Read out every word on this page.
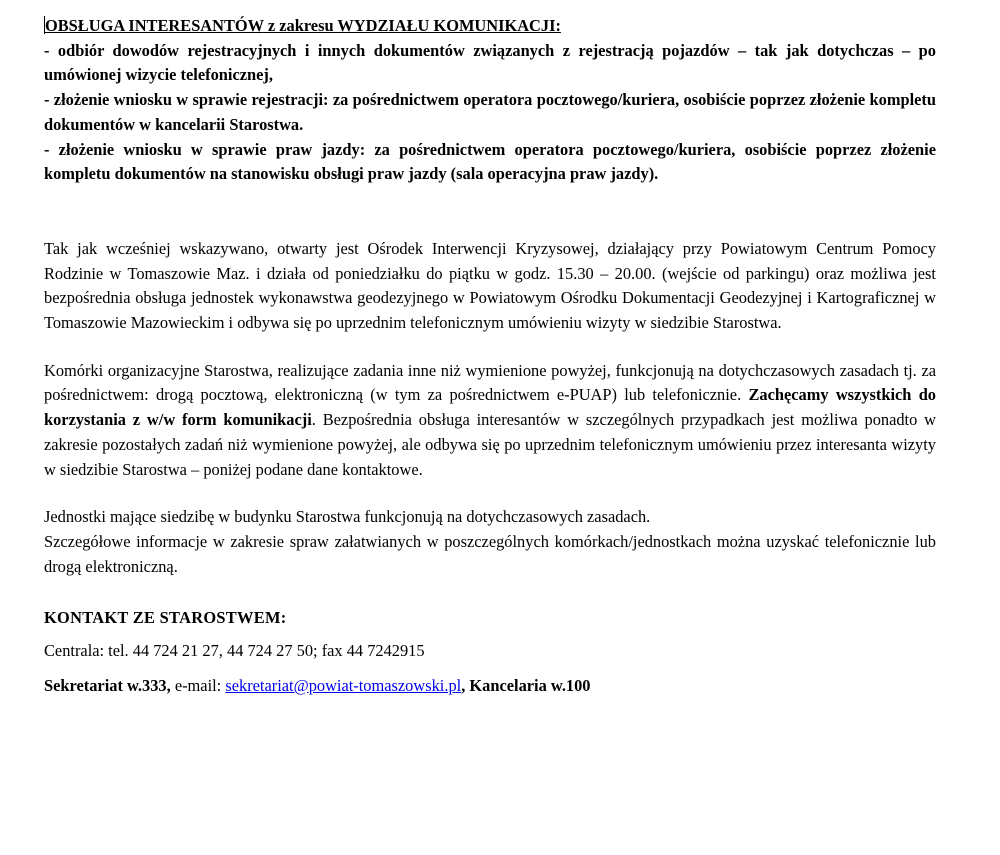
OBSŁUGA INTERESANTÓW z zakresu WYDZIAŁU KOMUNIKACJI:

- odbiór dowodów rejestracyjnych i innych dokumentów związanych z rejestracją pojazdów – tak jak dotychczas – po umówionej wizycie telefonicznej,

- złożenie wniosku w sprawie rejestracji: za pośrednictwem operatora pocztowego/kuriera, osobiście poprzez złożenie kompletu dokumentów w kancelarii Starostwa.

- złożenie wniosku w sprawie praw jazdy: za pośrednictwem operatora pocztowego/kuriera, osobiście poprzez złożenie kompletu dokumentów na stanowisku obsługi praw jazdy (sala operacyjna praw jazdy).

Tak jak wcześniej wskazywano, otwarty jest Ośrodek Interwencji Kryzysowej, działający przy Powiatowym Centrum Pomocy Rodzinie w Tomaszowie Maz. i działa od poniedziałku do piątku w godz. 15.30 – 20.00. (wejście od parkingu) oraz możliwa jest bezpośrednia obsługa jednostek wykonawstwa geodezyjnego w Powiatowym Ośrodku Dokumentacji Geodezyjnej i Kartograficznej w Tomaszowie Mazowieckim i odbywa się po uprzednim telefonicznym umówieniu wizyty w siedzibie Starostwa.

Komórki organizacyjne Starostwa, realizujące zadania inne niż wymienione powyżej, funkcjonują na dotychczasowych zasadach tj. za pośrednictwem: drogą pocztową, elektroniczną (w tym za pośrednictwem e-PUAP) lub telefonicznie. Zachęcamy wszystkich do korzystania z w/w form komunikacji. Bezpośrednia obsługa interesantów w szczególnych przypadkach jest możliwa ponadto w zakresie pozostałych zadań niż wymienione powyżej, ale odbywa się po uprzednim telefonicznym umówieniu przez interesanta wizyty w siedzibie Starostwa – poniżej podane dane kontaktowe.

Jednostki mające siedzibę w budynku Starostwa funkcjonują na dotychczasowych zasadach.

Szczegółowe informacje w zakresie spraw załatwianych w poszczególnych komórkach/jednostkach można uzyskać telefonicznie lub drogą elektroniczną.

KONTAKT ZE STAROSTWEM:

Centrala: tel. 44 724 21 27, 44 724 27 50; fax 44 7242915

Sekretariat w.333, e-mail: sekretariat@powiat-tomaszowski.pl, Kancelaria w.100
